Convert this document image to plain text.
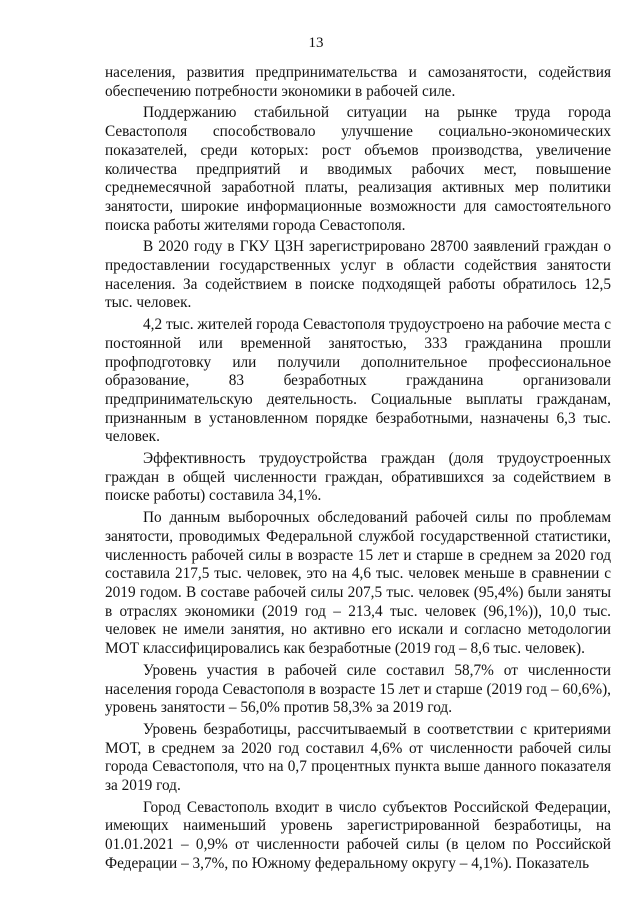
13

населения, развития предпринимательства и самозанятости, содействия обеспечению потребности экономики в рабочей силе.

Поддержанию стабильной ситуации на рынке труда города Севастополя способствовало улучшение социально-экономических показателей, среди которых: рост объемов производства, увеличение количества предприятий и вводимых рабочих мест, повышение среднемесячной заработной платы, реализация активных мер политики занятости, широкие информационные возможности для самостоятельного поиска работы жителями города Севастополя.

В 2020 году в ГКУ ЦЗН зарегистрировано 28700 заявлений граждан о предоставлении государственных услуг в области содействия занятости населения. За содействием в поиске подходящей работы обратилось 12,5 тыс. человек.

4,2 тыс. жителей города Севастополя трудоустроено на рабочие места с постоянной или временной занятостью, 333 гражданина прошли профподготовку или получили дополнительное профессиональное образование, 83 безработных гражданина организовали предпринимательскую деятельность. Социальные выплаты гражданам, признанным в установленном порядке безработными, назначены 6,3 тыс. человек.

Эффективность трудоустройства граждан (доля трудоустроенных граждан в общей численности граждан, обратившихся за содействием в поиске работы) составила 34,1%.

По данным выборочных обследований рабочей силы по проблемам занятости, проводимых Федеральной службой государственной статистики, численность рабочей силы в возрасте 15 лет и старше в среднем за 2020 год составила 217,5 тыс. человек, это на 4,6 тыс. человек меньше в сравнении с 2019 годом. В составе рабочей силы 207,5 тыс. человек (95,4%) были заняты в отраслях экономики (2019 год – 213,4 тыс. человек (96,1%)), 10,0 тыс. человек не имели занятия, но активно его искали и согласно методологии МОТ классифицировались как безработные (2019 год – 8,6 тыс. человек).

Уровень участия в рабочей силе составил 58,7% от численности населения города Севастополя в возрасте 15 лет и старше (2019 год – 60,6%), уровень занятости – 56,0% против 58,3% за 2019 год.

Уровень безработицы, рассчитываемый в соответствии с критериями МОТ, в среднем за 2020 год составил 4,6% от численности рабочей силы города Севастополя, что на 0,7 процентных пункта выше данного показателя за 2019 год.

Город Севастополь входит в число субъектов Российской Федерации, имеющих наименьший уровень зарегистрированной безработицы, на 01.01.2021 – 0,9% от численности рабочей силы (в целом по Российской Федерации – 3,7%, по Южному федеральному округу – 4,1%). Показатель
